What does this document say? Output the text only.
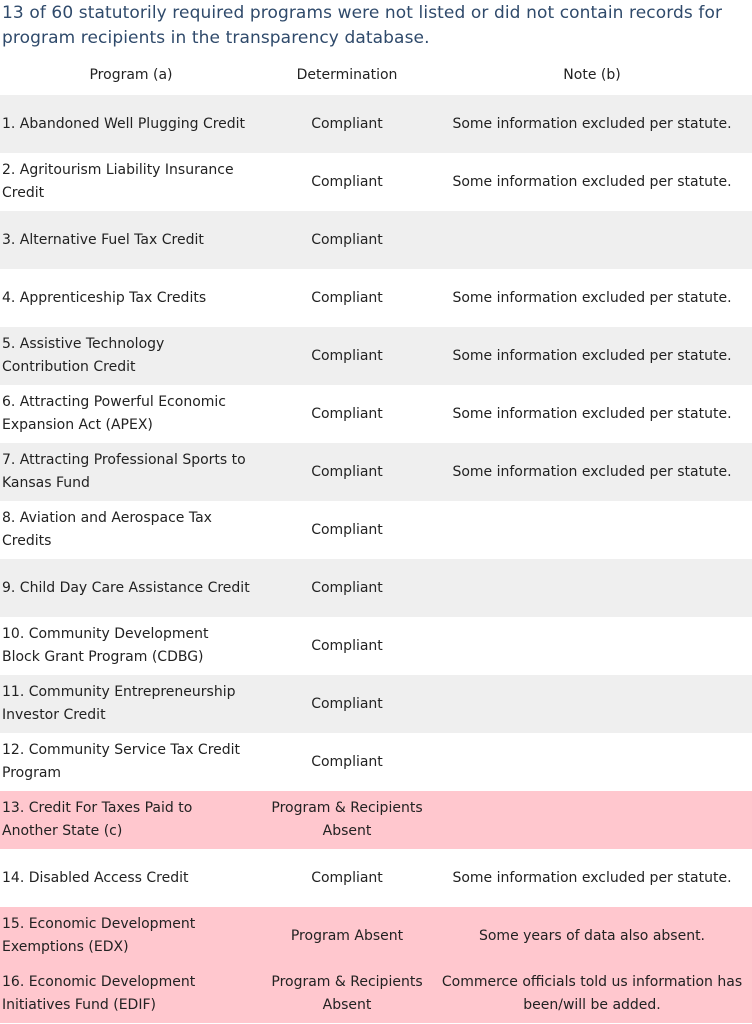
13 of 60 statutorily required programs were not listed or did not contain records for
program recipients in the transparency database.
Program (a)	Determination	Note (b)

1. Abandoned Well Plugging Credit	Compliant	Some information excluded per statute.

2. Agritourism Liability Insurance
Credit	Compliant	Some information excluded per statute.

3. Alternative Fuel Tax Credit	Compliant	

4. Apprenticeship Tax Credits	Compliant	Some information excluded per statute.

5. Assistive Technology
Contribution Credit	Compliant	Some information excluded per statute.

6. Attracting Powerful Economic
Expansion Act (APEX)	Compliant	Some information excluded per statute.

7. Attracting Professional Sports to
Kansas Fund	Compliant	Some information excluded per statute.

8. Aviation and Aerospace Tax
Credits	Compliant	

9. Child Day Care Assistance Credit	Compliant	

10. Community Development
Block Grant Program (CDBG)	Compliant	

11. Community Entrepreneurship
Investor Credit	Compliant	

12. Community Service Tax Credit
Program	Compliant	

13. Credit For Taxes Paid to
Another State (c)	Program & Recipients
Absent	

14. Disabled Access Credit	Compliant	Some information excluded per statute.

15. Economic Development
Exemptions (EDX)	Program Absent	Some years of data also absent.

16. Economic Development
Initiatives Fund (EDIF)	Program & Recipients
Absent	Commerce officials told us information has
been/will be added.
